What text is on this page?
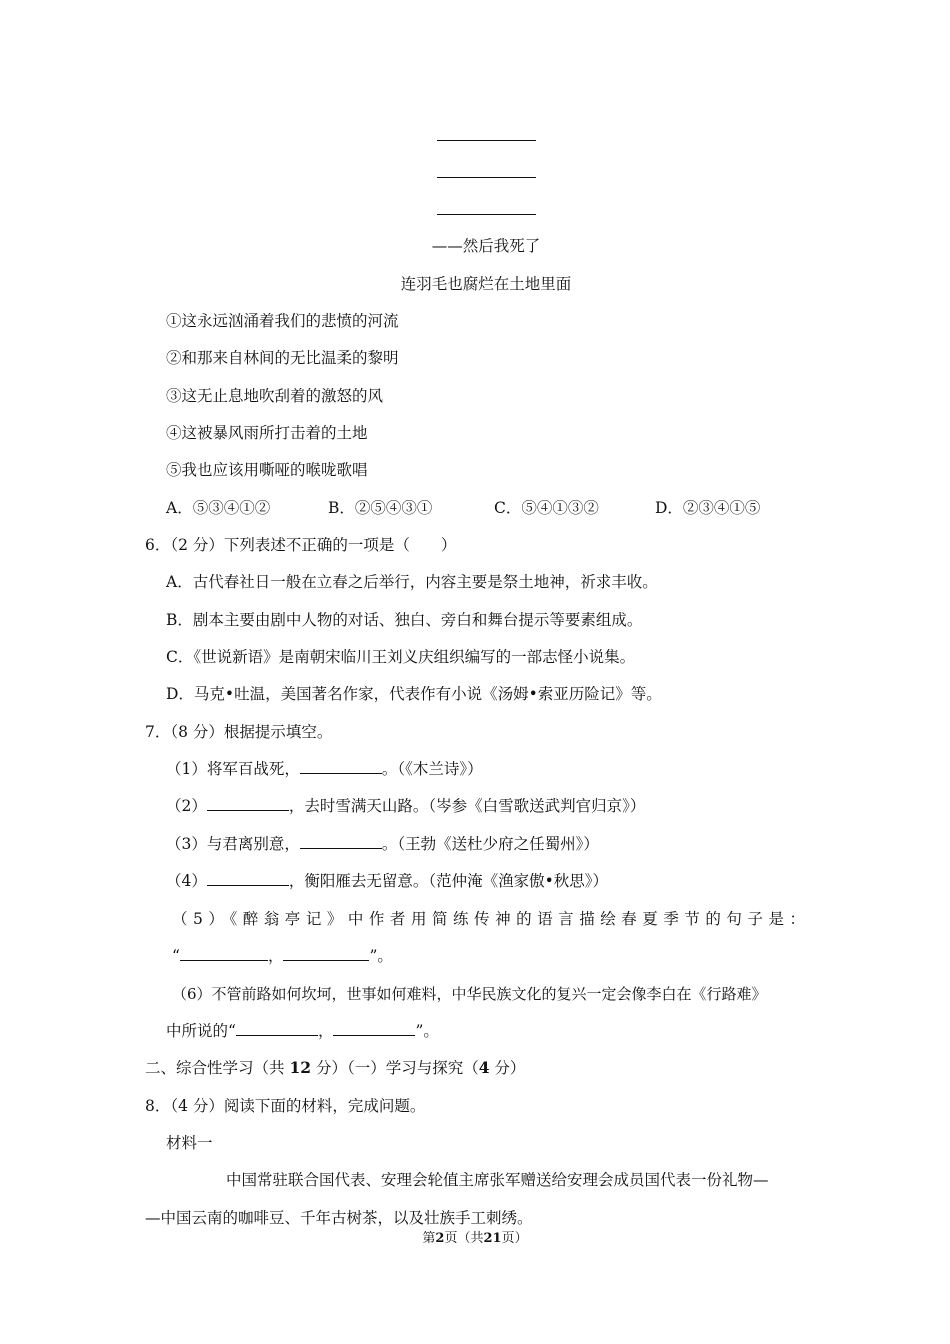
——然后我死了
连羽毛也腐烂在土地里面
①这永远汹涌着我们的悲愤的河流
②和那来自林间的无比温柔的黎明
③这无止息地吹刮着的激怒的风
④这被暴风雨所打击着的土地
⑤我也应该用嘶哑的喉咙歌唱
A．⑤③④①②	B．②⑤④③①	C．⑤④①③②	D．②③④①⑤
6．（2 分）下列表述不正确的一项是（　　）
A．古代春社日一般在立春之后举行，内容主要是祭土地神，祈求丰收。
B．剧本主要由剧中人物的对话、独白、旁白和舞台提示等要素组成。
C．《世说新语》是南朝宋临川王刘义庆组织编写的一部志怪小说集。
D．马克•吐温，美国著名作家，代表作有小说《汤姆•索亚历险记》等。
7．（8 分）根据提示填空。
（1）将军百战死，	。（《木兰诗》）
（2）	，去时雪满天山路。（岑参《白雪歌送武判官归京》）
（3）与君离别意，	。（王勃《送杜少府之任蜀州》）
（4）	，衡阳雁去无留意。（范仲淹《渔家傲•秋思》）
（5）《醉翁亭记》中作者用简练传神的语言描绘春夏季节的句子是：
“	，	”。
（6）不管前路如何坎坷，世事如何难料，中华民族文化的复兴一定会像李白在《行路难》
中所说的“	，	”。
二、综合性学习（共 12 分）（一）学习与探究（4 分）
8．（4 分）阅读下面的材料，完成问题。
材料一
中国常驻联合国代表、安理会轮值主席张军赠送给安理会成员国代表一份礼物—
—中国云南的咖啡豆、千年古树茶，以及壮族手工刺绣。
第2页（共21页）
